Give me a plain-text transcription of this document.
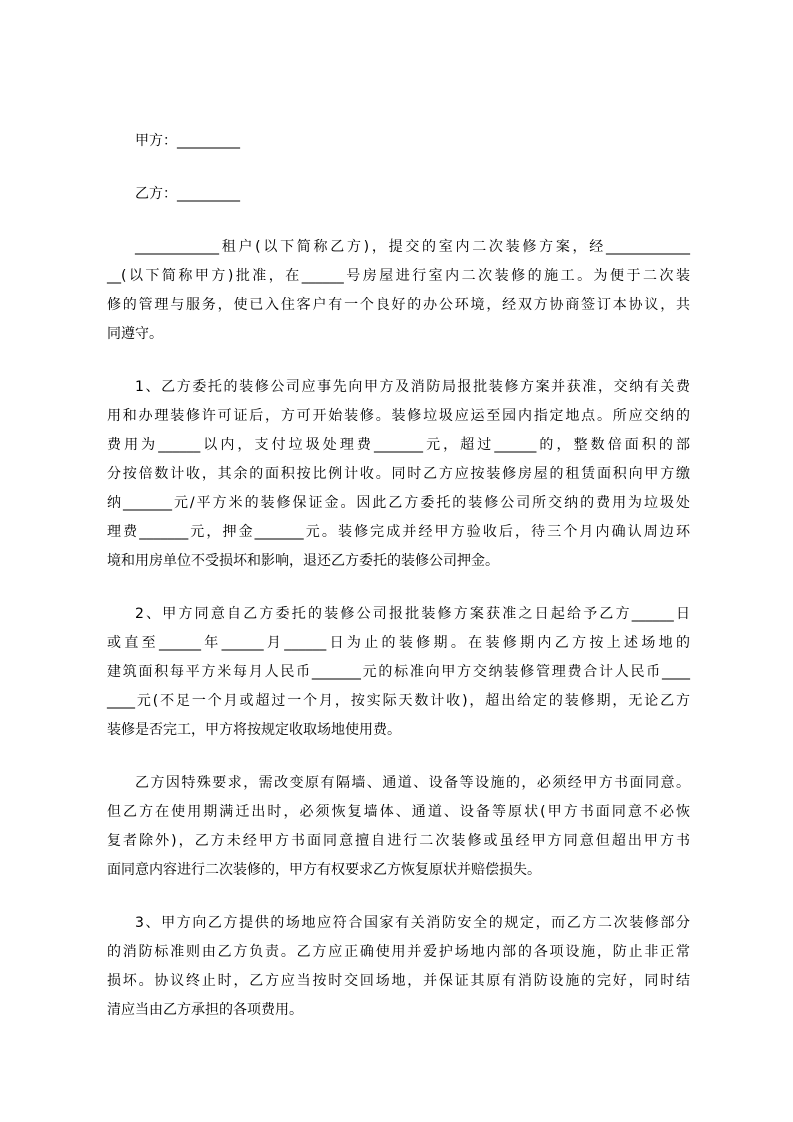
甲方：_________
乙方：_________
____________租户(以下简称乙方)，提交的室内二次装修方案，经____________
__(以下简称甲方)批准，在______号房屋进行室内二次装修的施工。为便于二次装
修的管理与服务，使已入住客户有一个良好的办公环境，经双方协商签订本协议，共
同遵守。
1、乙方委托的装修公司应事先向甲方及消防局报批装修方案并获准，交纳有关费
用和办理装修许可证后，方可开始装修。装修垃圾应运至园内指定地点。所应交纳的
费用为______以内，支付垃圾处理费_______元，超过______的，整数倍面积的部
分按倍数计收，其余的面积按比例计收。同时乙方应按装修房屋的租赁面积向甲方缴
纳_______元/平方米的装修保证金。因此乙方委托的装修公司所交纳的费用为垃圾处
理费_______元，押金_______元。装修完成并经甲方验收后，待三个月内确认周边环
境和用房单位不受损坏和影响，退还乙方委托的装修公司押金。
2、甲方同意自乙方委托的装修公司报批装修方案获准之日起给予乙方______日
或直至______年______月______日为止的装修期。在装修期内乙方按上述场地的
建筑面积每平方米每月人民币_______元的标准向甲方交纳装修管理费合计人民币____
____元(不足一个月或超过一个月，按实际天数计收)，超出给定的装修期，无论乙方
装修是否完工，甲方将按规定收取场地使用费。
乙方因特殊要求，需改变原有隔墙、通道、设备等设施的，必须经甲方书面同意。
但乙方在使用期满迁出时，必须恢复墙体、通道、设备等原状(甲方书面同意不必恢
复者除外)，乙方未经甲方书面同意擅自进行二次装修或虽经甲方同意但超出甲方书
面同意内容进行二次装修的，甲方有权要求乙方恢复原状并赔偿损失。
3、甲方向乙方提供的场地应符合国家有关消防安全的规定，而乙方二次装修部分
的消防标准则由乙方负责。乙方应正确使用并爱护场地内部的各项设施，防止非正常
损坏。协议终止时，乙方应当按时交回场地，并保证其原有消防设施的完好，同时结
清应当由乙方承担的各项费用。
